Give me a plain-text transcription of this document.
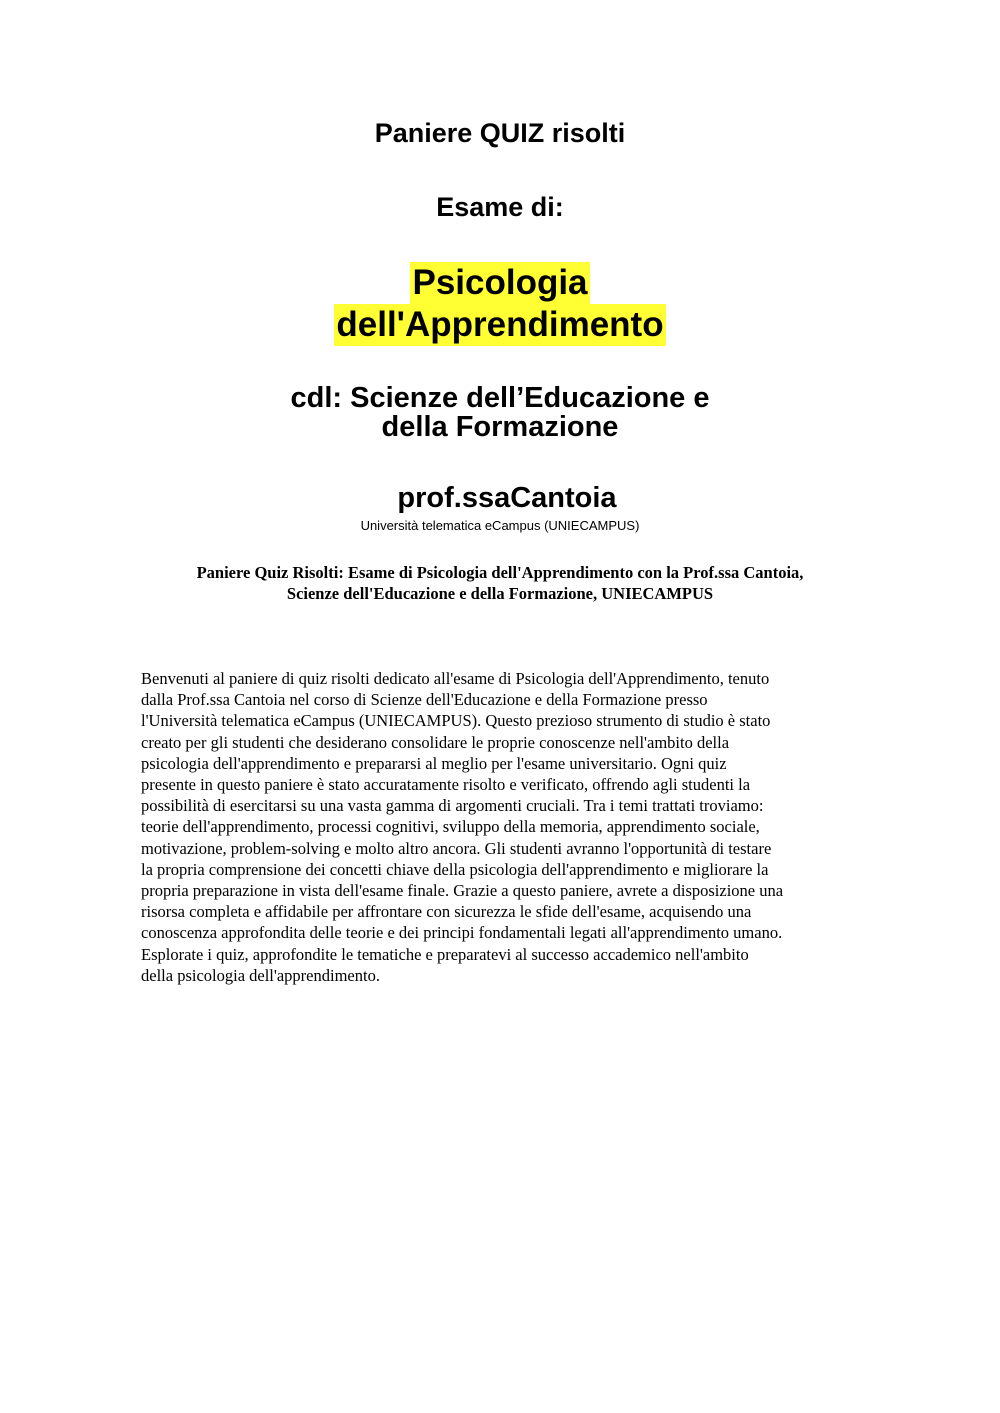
Paniere QUIZ risolti
Esame di:
Psicologia
dell'Apprendimento
cdl: Scienze dell’Educazione e
della Formazione
prof.ssaCantoia
Università telematica eCampus (UNIECAMPUS)
Paniere Quiz Risolti: Esame di Psicologia dell'Apprendimento con la Prof.ssa Cantoia,
Scienze dell'Educazione e della Formazione, UNIECAMPUS

Benvenuti al paniere di quiz risolti dedicato all'esame di Psicologia dell'Apprendimento, tenuto
dalla Prof.ssa Cantoia nel corso di Scienze dell'Educazione e della Formazione presso
l'Università telematica eCampus (UNIECAMPUS). Questo prezioso strumento di studio è stato
creato per gli studenti che desiderano consolidare le proprie conoscenze nell'ambito della
psicologia dell'apprendimento e prepararsi al meglio per l'esame universitario. Ogni quiz
presente in questo paniere è stato accuratamente risolto e verificato, offrendo agli studenti la
possibilità di esercitarsi su una vasta gamma di argomenti cruciali. Tra i temi trattati troviamo:
teorie dell'apprendimento, processi cognitivi, sviluppo della memoria, apprendimento sociale,
motivazione, problem-solving e molto altro ancora. Gli studenti avranno l'opportunità di testare
la propria comprensione dei concetti chiave della psicologia dell'apprendimento e migliorare la
propria preparazione in vista dell'esame finale. Grazie a questo paniere, avrete a disposizione una
risorsa completa e affidabile per affrontare con sicurezza le sfide dell'esame, acquisendo una
conoscenza approfondita delle teorie e dei principi fondamentali legati all'apprendimento umano.
Esplorate i quiz, approfondite le tematiche e preparatevi al successo accademico nell'ambito
della psicologia dell'apprendimento.
